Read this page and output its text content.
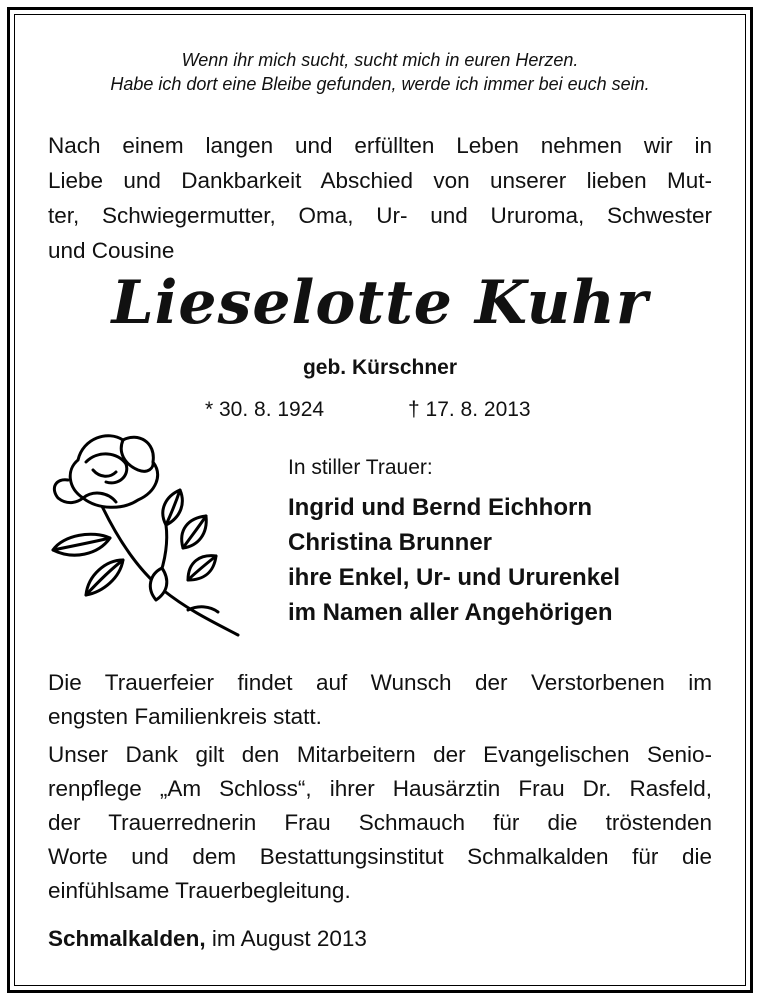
Wenn ihr mich sucht, sucht mich in euren Herzen.
Habe ich dort eine Bleibe gefunden, werde ich immer bei euch sein.
Nach einem langen und erfüllten Leben nehmen wir in
Liebe und Dankbarkeit Abschied von unserer lieben Mut-
ter, Schwiegermutter, Oma, Ur- und Ururoma, Schwester
und Cousine
Lieselotte Kuhr
geb. Kürschner
* 30. 8. 1924	† 17. 8. 2013
In stiller Trauer:
Ingrid und Bernd Eichhorn
Christina Brunner
ihre Enkel, Ur- und Ururenkel
im Namen aller Angehörigen
Die Trauerfeier findet auf Wunsch der Verstorbenen im
engsten Familienkreis statt.
Unser Dank gilt den Mitarbeitern der Evangelischen Senio-
renpflege „Am Schloss“, ihrer Hausärztin Frau Dr. Rasfeld,
der Trauerrednerin Frau Schmauch für die tröstenden
Worte und dem Bestattungsinstitut Schmalkalden für die
einfühlsame Trauerbegleitung.
Schmalkalden, im August 2013
